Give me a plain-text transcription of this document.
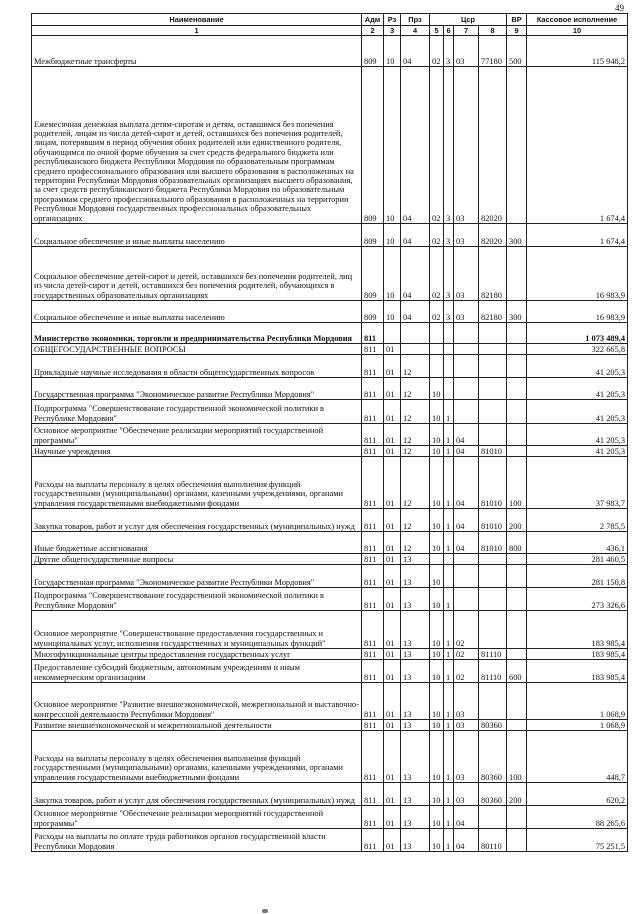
49
Наименование	Адм	Рз	Прз	Цср				ВР	Кассовое исполнение
1	2	3	4	5	6	7	8	9	10
Межбюджетные трансферты	809	10	04	02	3	03	77180	500	115 948,2
Ежемесячная денежная выплата детям-сиротам и детям, оставшимся без попечения родителей, лицам из числа детей-сирот и детей, оставшихся без попечения родителей, лицам, потерявшим в период обучения обоих родителей или единственного родителя, обучающимся по очной форме обучения за счет средств федерального бюджета или республиканского бюджета Республики Мордовия по образовательным программам среднего профессионального образования или высшего образования в расположенных на территории Республики Мордовия образовательных организациях высшего образования, за счет средств республиканского бюджета Республики Мордовия по образовательным программам среднего профессионального образования в расположенных на территории Республики Мордовия государственных профессиональных образовательных организациях	809	10	04	02	3	03	82020		1 674,4
Социальное обеспечение и иные выплаты населению	809	10	04	02	3	03	82020	300	1 674,4
Социальное обеспечение детей-сирот и детей, оставшихся без попечения родителей, лиц из числа детей-сирот и детей, оставшихся без попечения родителей, обучающихся в государственных образовательных организациях	809	10	04	02	3	03	82180		16 983,9
Социальное обеспечение и иные выплаты населению	809	10	04	02	3	03	82180	300	16 983,9
Министерство экономики, торговли и предпринимательства Республики Мордовия	811								1 073 489,4
ОБЩЕГОСУДАРСТВЕННЫЕ ВОПРОСЫ	811	01							322 665,8
Прикладные научные исследования в области общегосударственных вопросов	811	01	12						41 205,3
Государственная программа "Экономическое развитие Республики Мордовия"	811	01	12	10					41 205,3
Подпрограмма "Совершенствование государственной экономической политики в Республике Мордовия"	811	01	12	10	1				41 205,3
Основное мероприятие "Обеспечение реализации мероприятий государственной программы"	811	01	12	10	1	04			41 205,3
Научные учреждения	811	01	12	10	1	04	81010		41 205,3
Расходы на выплаты персоналу в целях обеспечения выполнения функций государственными (муниципальными) органами, казенными учреждениями, органами управления государственными внебюджетными фондами	811	01	12	10	1	04	81010	100	37 983,7
Закупка товаров, работ и услуг для обеспечения государственных (муниципальных) нужд	811	01	12	10	1	04	81010	200	2 785,5
Иные бюджетные ассигнования	811	01	12	10	1	04	81010	800	436,1
Другие общегосударственные вопросы	811	01	13						281 460,5
Государственная программа "Экономическое развитие Республики Мордовия"	811	01	13	10					281 150,8
Подпрограмма "Совершенствование государственной экономической политики в Республике Мордовия"	811	01	13	10	1				273 326,6
Основное мероприятие "Совершенствование предоставления государственных и муниципальных услуг, исполнения государственных и муниципальных функций"	811	01	13	10	1	02			183 985,4
Многофункциональные центры предоставления государственных услуг	811	01	13	10	1	02	81110		183 985,4
Предоставление субсидий бюджетным, автономным учреждениям и иным некоммерческим организациям	811	01	13	10	1	02	81110	600	183 985,4
Основное мероприятие "Развитие внешнеэкономической, межрегиональной и выставочно-конгрессной деятельности Республики Мордовия"	811	01	13	10	1	03			1 068,9
Развитие внешнеэкономической и межрегиональной деятельности	811	01	13	10	1	03	80360		1 068,9
Расходы на выплаты персоналу в целях обеспечения выполнения функций государственными (муниципальными) органами, казенными учреждениями, органами управления государственными внебюджетными фондами	811	01	13	10	1	03	80360	100	448,7
Закупка товаров, работ и услуг для обеспечения государственных (муниципальных) нужд	811	01	13	10	1	03	80360	200	620,2
Основное мероприятие "Обеспечение реализации мероприятий государственной программы"	811	01	13	10	1	04			88 265,6
Расходы на выплаты по оплате труда работников органов государственной власти Республики Мордовия	811	01	13	10	1	04	80110		75 251,5
